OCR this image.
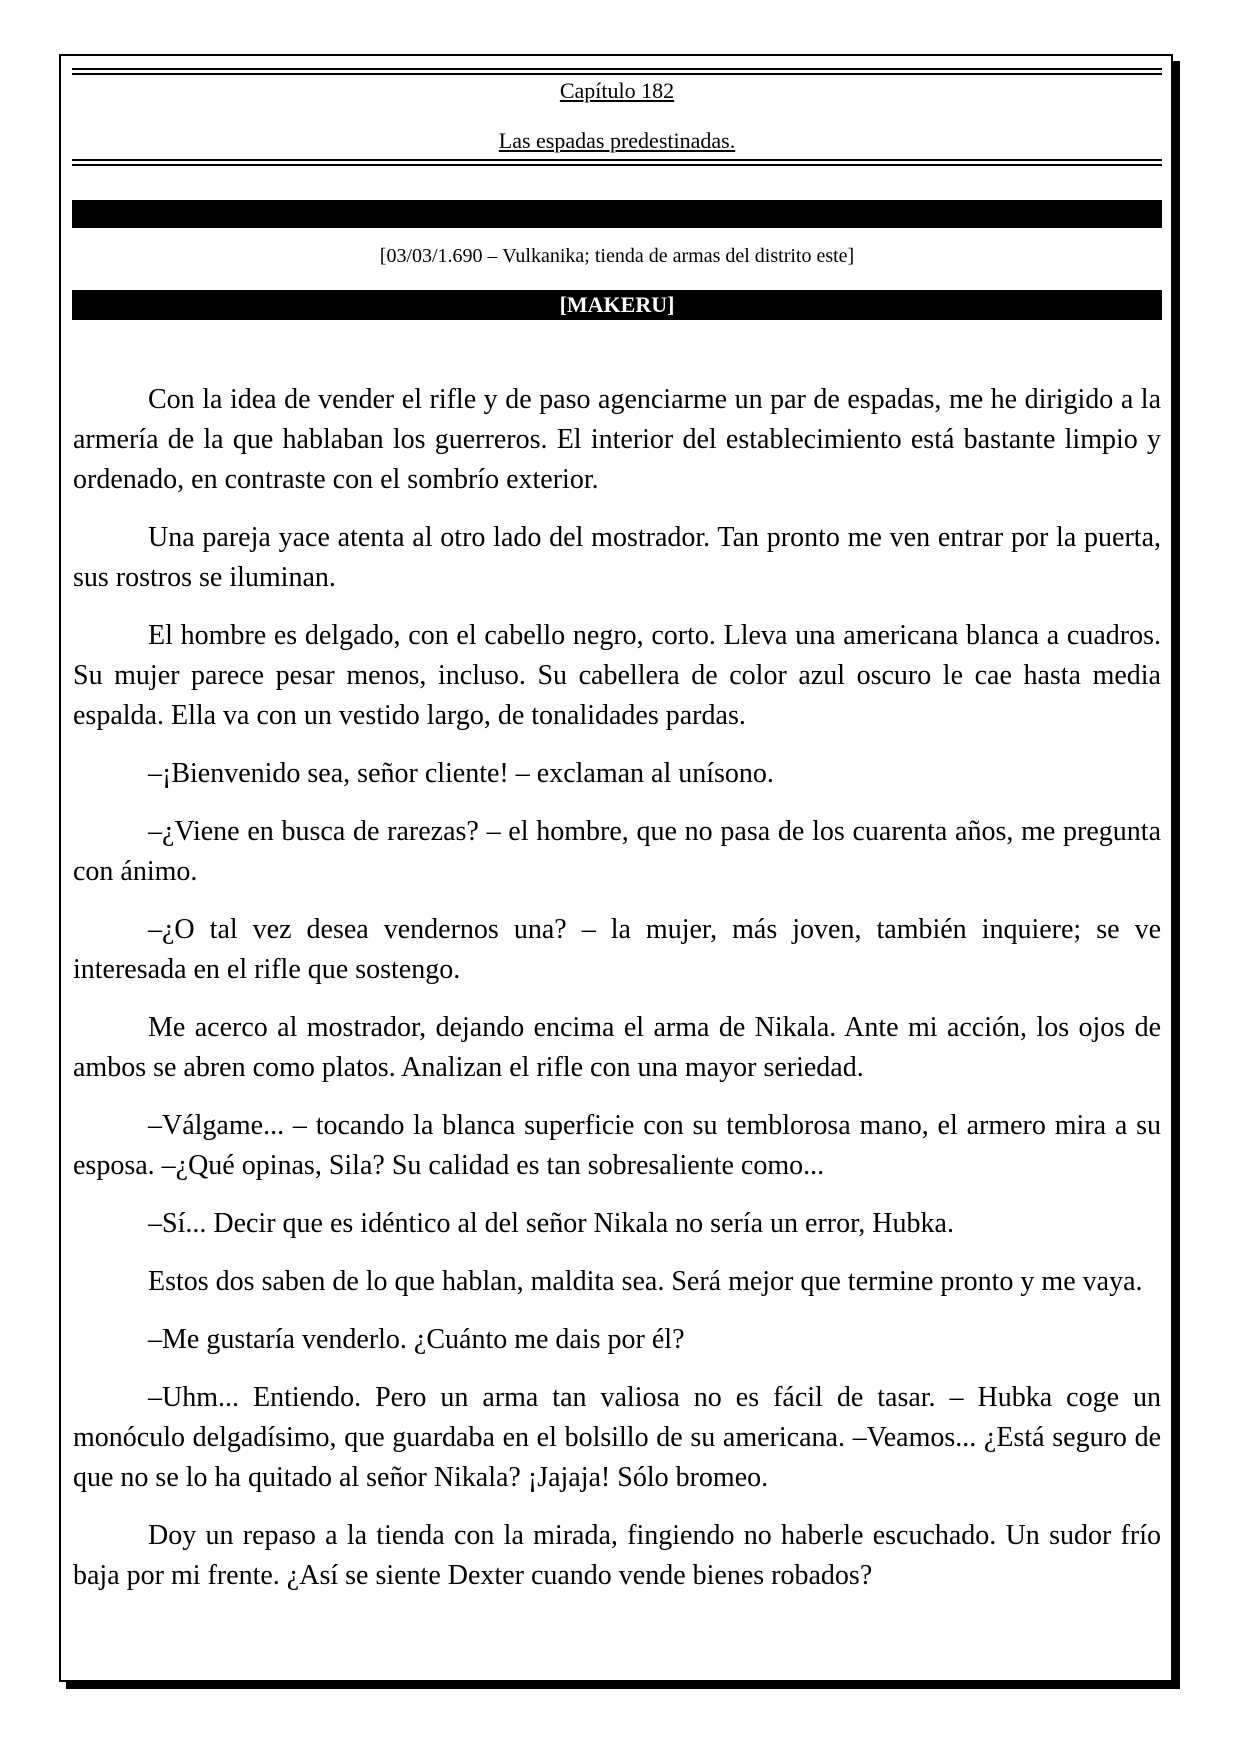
Capítulo 182
Las espadas predestinadas.
[03/03/1.690 – Vulkanika; tienda de armas del distrito este]
[MAKERU]

Con la idea de vender el rifle y de paso agenciarme un par de espadas, me he dirigido a la armería de la que hablaban los guerreros. El interior del establecimiento está bastante limpio y ordenado, en contraste con el sombrío exterior.

Una pareja yace atenta al otro lado del mostrador. Tan pronto me ven entrar por la puerta, sus rostros se iluminan.

El hombre es delgado, con el cabello negro, corto. Lleva una americana blanca a cuadros. Su mujer parece pesar menos, incluso. Su cabellera de color azul oscuro le cae hasta media espalda. Ella va con un vestido largo, de tonalidades pardas.

–¡Bienvenido sea, señor cliente! – exclaman al unísono.

–¿Viene en busca de rarezas? – el hombre, que no pasa de los cuarenta años, me pregunta con ánimo.

–¿O tal vez desea vendernos una? – la mujer, más joven, también inquiere; se ve interesada en el rifle que sostengo.

Me acerco al mostrador, dejando encima el arma de Nikala. Ante mi acción, los ojos de ambos se abren como platos. Analizan el rifle con una mayor seriedad.

–Válgame... – tocando la blanca superficie con su temblorosa mano, el armero mira a su esposa. –¿Qué opinas, Sila? Su calidad es tan sobresaliente como...

–Sí... Decir que es idéntico al del señor Nikala no sería un error, Hubka.

Estos dos saben de lo que hablan, maldita sea. Será mejor que termine pronto y me vaya.

–Me gustaría venderlo. ¿Cuánto me dais por él?

–Uhm... Entiendo. Pero un arma tan valiosa no es fácil de tasar. – Hubka coge un monóculo delgadísimo, que guardaba en el bolsillo de su americana. –Veamos... ¿Está seguro de que no se lo ha quitado al señor Nikala? ¡Jajaja! Sólo bromeo.

Doy un repaso a la tienda con la mirada, fingiendo no haberle escuchado. Un sudor frío baja por mi frente. ¿Así se siente Dexter cuando vende bienes robados?
